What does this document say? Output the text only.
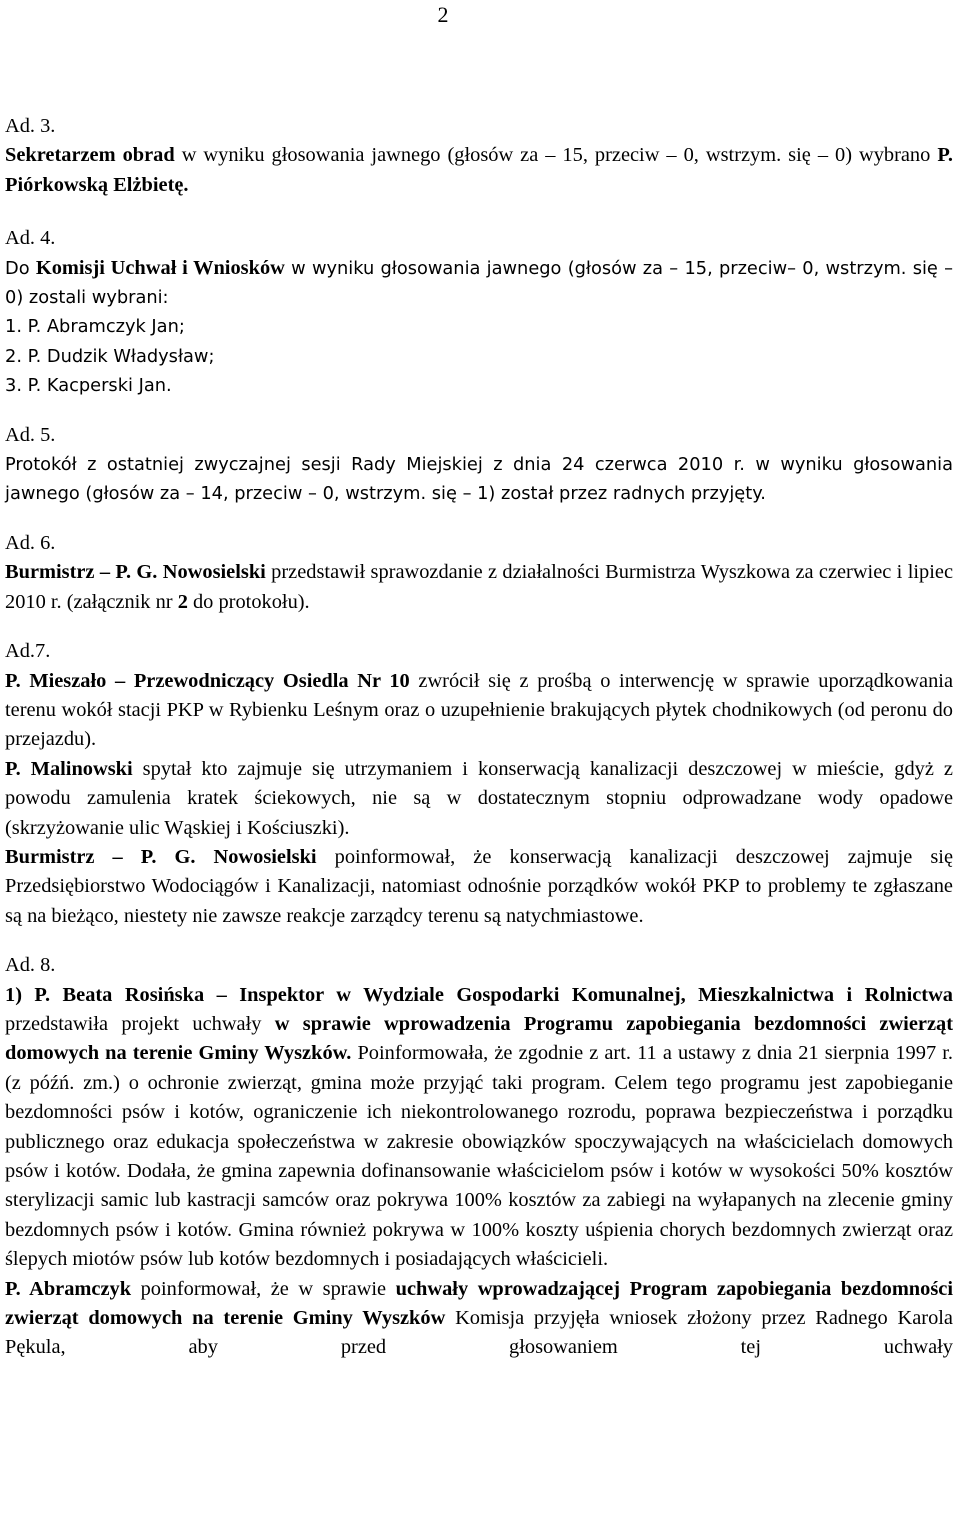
2

Ad. 3.

Sekretarzem obrad w wyniku głosowania jawnego (głosów za – 15, przeciw – 0, wstrzym. się – 0) wybrano P. Piórkowską Elżbietę.

Ad. 4.

Do Komisji Uchwał i Wniosków w wyniku głosowania jawnego (głosów za – 15, przeciw– 0, wstrzym. się – 0) zostali wybrani:

1. P. Abramczyk Jan;
2. P. Dudzik Władysław;
3. P. Kacperski Jan.

Ad. 5.

Protokół z ostatniej zwyczajnej sesji Rady Miejskiej z dnia 24 czerwca 2010 r. w wyniku głosowania jawnego (głosów za – 14, przeciw – 0, wstrzym. się – 1) został przez radnych przyjęty.

Ad. 6.

Burmistrz – P. G. Nowosielski przedstawił sprawozdanie z działalności Burmistrza Wyszkowa za czerwiec i lipiec 2010 r. (załącznik nr 2 do protokołu).

Ad.7.

P. Mieszało – Przewodniczący Osiedla Nr 10 zwrócił się z prośbą o interwencję w sprawie uporządkowania terenu wokół stacji PKP w Rybienku Leśnym oraz o uzupełnienie brakujących płytek chodnikowych (od peronu do przejazdu).

P. Malinowski spytał kto zajmuje się utrzymaniem i konserwacją kanalizacji deszczowej w mieście, gdyż z powodu zamulenia kratek ściekowych, nie są w dostatecznym stopniu odprowadzane wody opadowe (skrzyżowanie ulic Wąskiej i Kościuszki).

Burmistrz – P. G. Nowosielski poinformował, że konserwacją kanalizacji deszczowej zajmuje się Przedsiębiorstwo Wodociągów i Kanalizacji, natomiast odnośnie porządków wokół PKP to problemy te zgłaszane są na bieżąco, niestety nie zawsze reakcje zarządcy terenu są natychmiastowe.

Ad. 8.

1) P. Beata Rosińska – Inspektor w Wydziale Gospodarki Komunalnej, Mieszkalnictwa i Rolnictwa przedstawiła projekt uchwały w sprawie wprowadzenia Programu zapobiegania bezdomności zwierząt domowych na terenie Gminy Wyszków. Poinformowała, że zgodnie z art. 11 a ustawy z dnia 21 sierpnia 1997 r. (z późń. zm.) o ochronie zwierząt, gmina może przyjąć taki program. Celem tego programu jest zapobieganie bezdomności psów i kotów, ograniczenie ich niekontrolowanego rozrodu, poprawa bezpieczeństwa i porządku publicznego oraz edukacja społeczeństwa w zakresie obowiązków spoczywających na właścicielach domowych psów i kotów. Dodała, że gmina zapewnia dofinansowanie właścicielom psów i kotów w wysokości 50% kosztów sterylizacji samic lub kastracji samców oraz pokrywa 100% kosztów za zabiegi na wyłapanych na zlecenie gminy bezdomnych psów i kotów. Gmina również pokrywa w 100% koszty uśpienia chorych bezdomnych zwierząt oraz ślepych miotów psów lub kotów bezdomnych i posiadających właścicieli.

P. Abramczyk poinformował, że w sprawie uchwały wprowadzającej Program zapobiegania bezdomności zwierząt domowych na terenie Gminy Wyszków Komisja przyjęła wniosek złożony przez Radnego Karola Pękula, aby przed głosowaniem tej uchwały
